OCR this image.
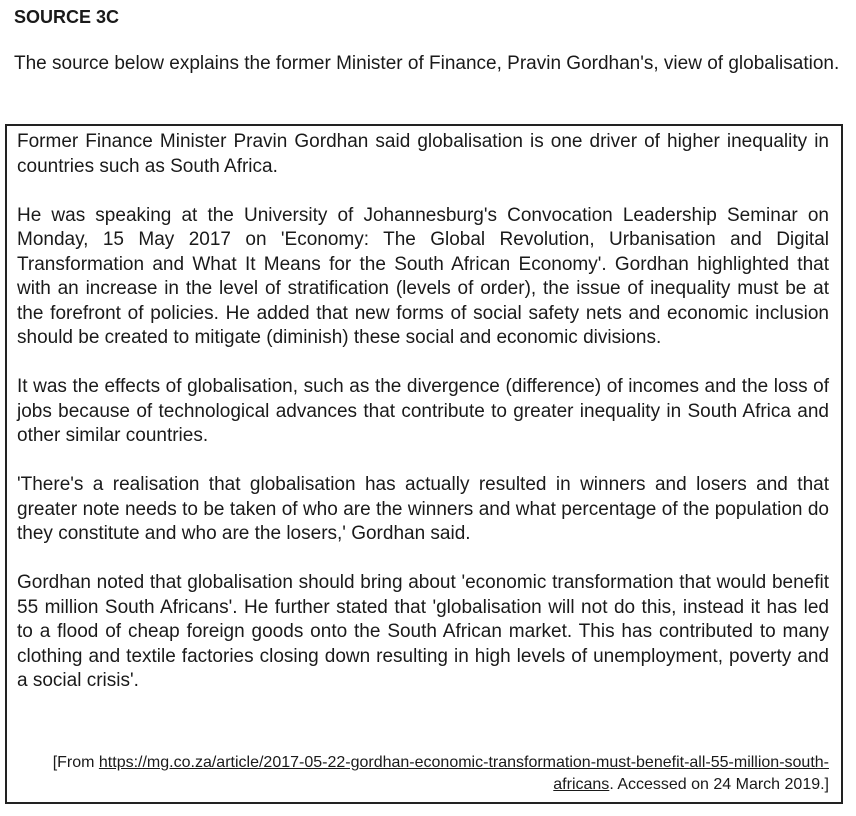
SOURCE 3C

The source below explains the former Minister of Finance, Pravin Gordhan's, view of globalisation.

Former Finance Minister Pravin Gordhan said globalisation is one driver of higher inequality in countries such as South Africa.

He was speaking at the University of Johannesburg's Convocation Leadership Seminar on Monday, 15 May 2017 on 'Economy: The Global Revolution, Urbanisation and Digital Transformation and What It Means for the South African Economy'. Gordhan highlighted that with an increase in the level of stratification (levels of order), the issue of inequality must be at the forefront of policies. He added that new forms of social safety nets and economic inclusion should be created to mitigate (diminish) these social and economic divisions.

It was the effects of globalisation, such as the divergence (difference) of incomes and the loss of jobs because of technological advances that contribute to greater inequality in South Africa and other similar countries.

'There's a realisation that globalisation has actually resulted in winners and losers and that greater note needs to be taken of who are the winners and what percentage of the population do they constitute and who are the losers,' Gordhan said.

Gordhan noted that globalisation should bring about 'economic transformation that would benefit 55 million South Africans'. He further stated that 'globalisation will not do this, instead it has led to a flood of cheap foreign goods onto the South African market. This has contributed to many clothing and textile factories closing down resulting in high levels of unemployment, poverty and a social crisis'.

[From https://mg.co.za/article/2017-05-22-gordhan-economic-transformation-must-benefit-all-55-million-south-africans. Accessed on 24 March 2019.]
